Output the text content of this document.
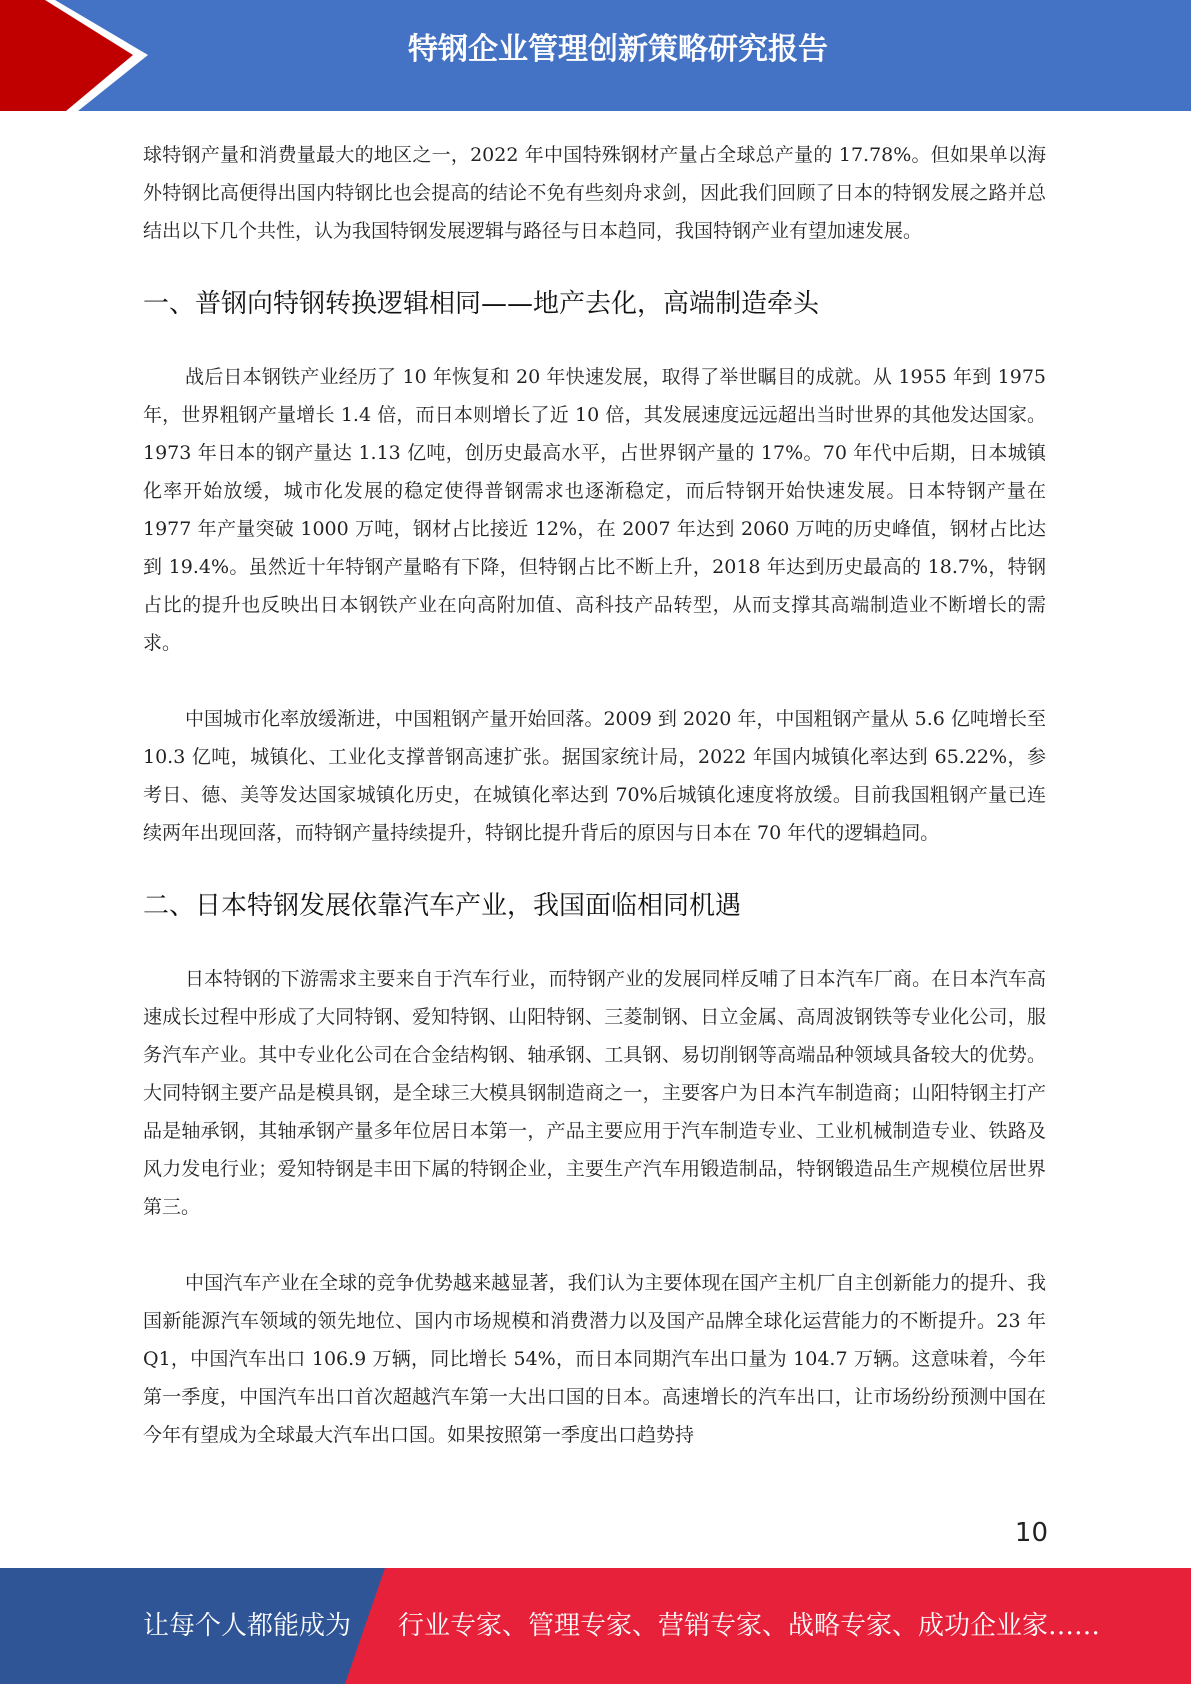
特钢企业管理创新策略研究报告

球特钢产量和消费量最大的地区之一，2022 年中国特殊钢材产量占全球总产量的 17.78%。但如果单以海外特钢比高便得出国内特钢比也会提高的结论不免有些刻舟求剑，因此我们回顾了日本的特钢发展之路并总结出以下几个共性，认为我国特钢发展逻辑与路径与日本趋同，我国特钢产业有望加速发展。

一、普钢向特钢转换逻辑相同——地产去化，高端制造牵头

战后日本钢铁产业经历了 10 年恢复和 20 年快速发展，取得了举世瞩目的成就。从 1955 年到 1975 年，世界粗钢产量增长 1.4 倍，而日本则增长了近 10 倍，其发展速度远远超出当时世界的其他发达国家。1973 年日本的钢产量达 1.13 亿吨，创历史最高水平，占世界钢产量的 17%。70 年代中后期，日本城镇化率开始放缓，城市化发展的稳定使得普钢需求也逐渐稳定，而后特钢开始快速发展。日本特钢产量在 1977 年产量突破 1000 万吨，钢材占比接近 12%，在 2007 年达到 2060 万吨的历史峰值，钢材占比达到 19.4%。虽然近十年特钢产量略有下降，但特钢占比不断上升，2018 年达到历史最高的 18.7%，特钢占比的提升也反映出日本钢铁产业在向高附加值、高科技产品转型，从而支撑其高端制造业不断增长的需求。

中国城市化率放缓渐进，中国粗钢产量开始回落。2009 到 2020 年，中国粗钢产量从 5.6 亿吨增长至 10.3 亿吨，城镇化、工业化支撑普钢高速扩张。据国家统计局，2022 年国内城镇化率达到 65.22%，参考日、德、美等发达国家城镇化历史，在城镇化率达到 70%后城镇化速度将放缓。目前我国粗钢产量已连续两年出现回落，而特钢产量持续提升，特钢比提升背后的原因与日本在 70 年代的逻辑趋同。

二、日本特钢发展依靠汽车产业，我国面临相同机遇

日本特钢的下游需求主要来自于汽车行业，而特钢产业的发展同样反哺了日本汽车厂商。在日本汽车高速成长过程中形成了大同特钢、爱知特钢、山阳特钢、三菱制钢、日立金属、高周波钢铁等专业化公司，服务汽车产业。其中专业化公司在合金结构钢、轴承钢、工具钢、易切削钢等高端品种领域具备较大的优势。大同特钢主要产品是模具钢，是全球三大模具钢制造商之一，主要客户为日本汽车制造商；山阳特钢主打产品是轴承钢，其轴承钢产量多年位居日本第一，产品主要应用于汽车制造专业、工业机械制造专业、铁路及风力发电行业；爱知特钢是丰田下属的特钢企业，主要生产汽车用锻造制品，特钢锻造品生产规模位居世界第三。

中国汽车产业在全球的竞争优势越来越显著，我们认为主要体现在国产主机厂自主创新能力的提升、我国新能源汽车领域的领先地位、国内市场规模和消费潜力以及国产品牌全球化运营能力的不断提升。23 年 Q1，中国汽车出口 106.9 万辆，同比增长 54%，而日本同期汽车出口量为 104.7 万辆。这意味着，今年第一季度，中国汽车出口首次超越汽车第一大出口国的日本。高速增长的汽车出口，让市场纷纷预测中国在今年有望成为全球最大汽车出口国。如果按照第一季度出口趋势持

10
让每个人都能成为 行业专家、管理专家、营销专家、战略专家、成功企业家……
